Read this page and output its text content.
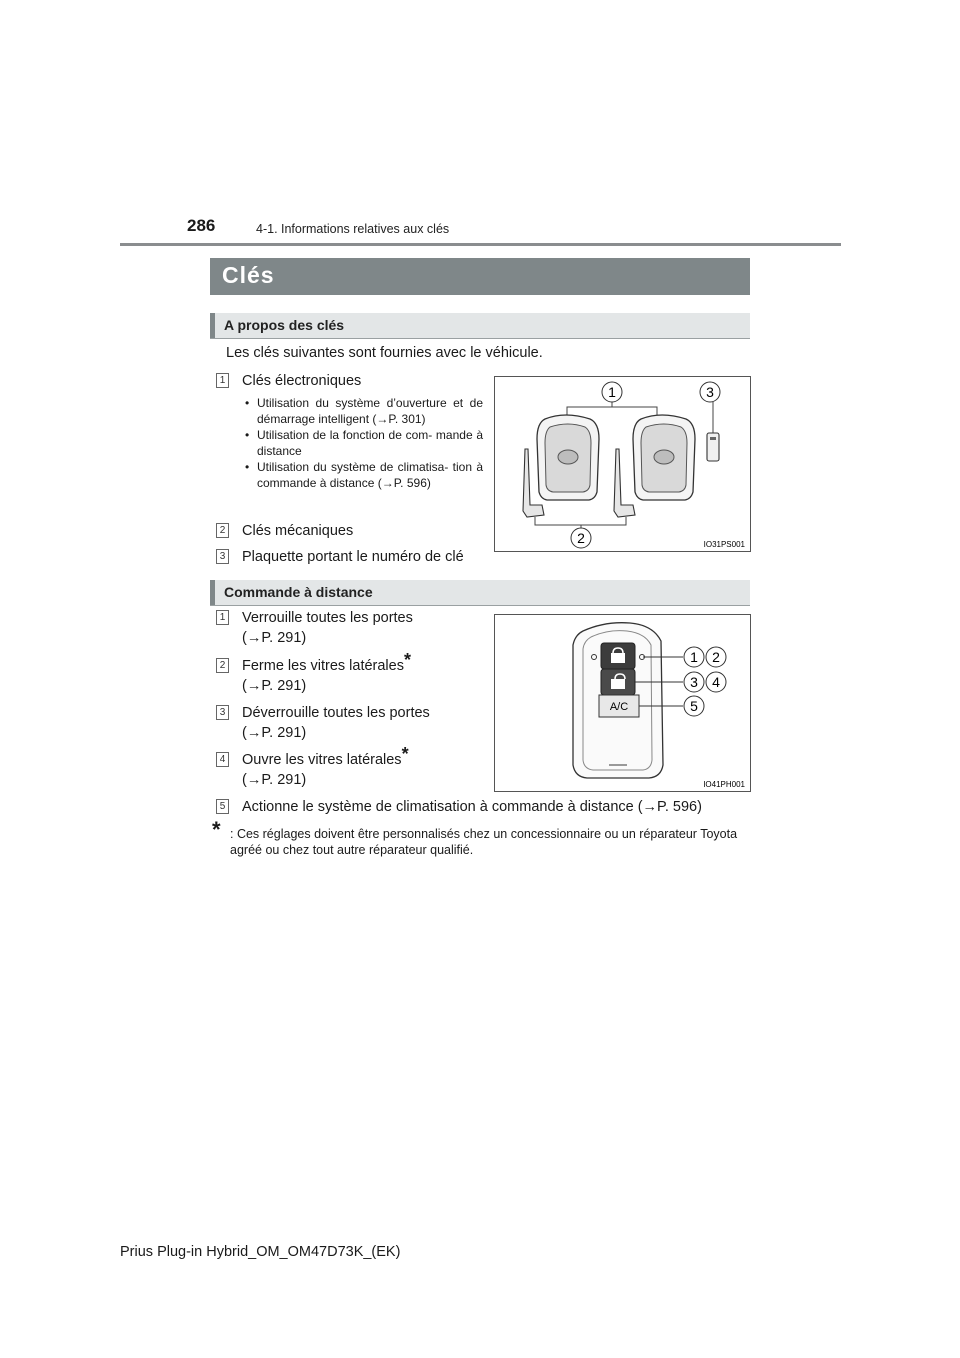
286	4-1. Informations relatives aux clés
Clés
A propos des clés
Les clés suivantes sont fournies avec le véhicule.
1 Clés électroniques
• Utilisation du système d’ouverture et de démarrage intelligent (→P. 301)
• Utilisation de la fonction de com- mande à distance
• Utilisation du système de climatisa- tion à commande à distance (→P. 596)
2 Clés mécaniques
3 Plaquette portant le numéro de clé
1	3
2	IO31PS001
Commande à distance
1 Verrouille toutes les portes
(→P. 291)
2 Ferme les vitres latérales*
(→P. 291)
3 Déverrouille toutes les portes
(→P. 291)
4 Ouvre les vitres latérales*
(→P. 291)
5 Actionne le système de climatisation à commande à distance (→P. 596)
A/C
1 2
3 4
5
IO41PH001
* : Ces réglages doivent être personnalisés chez un concessionnaire ou un réparateur Toyota agréé ou chez tout autre réparateur qualifié.
Prius Plug-in Hybrid_OM_OM47D73K_(EK)
